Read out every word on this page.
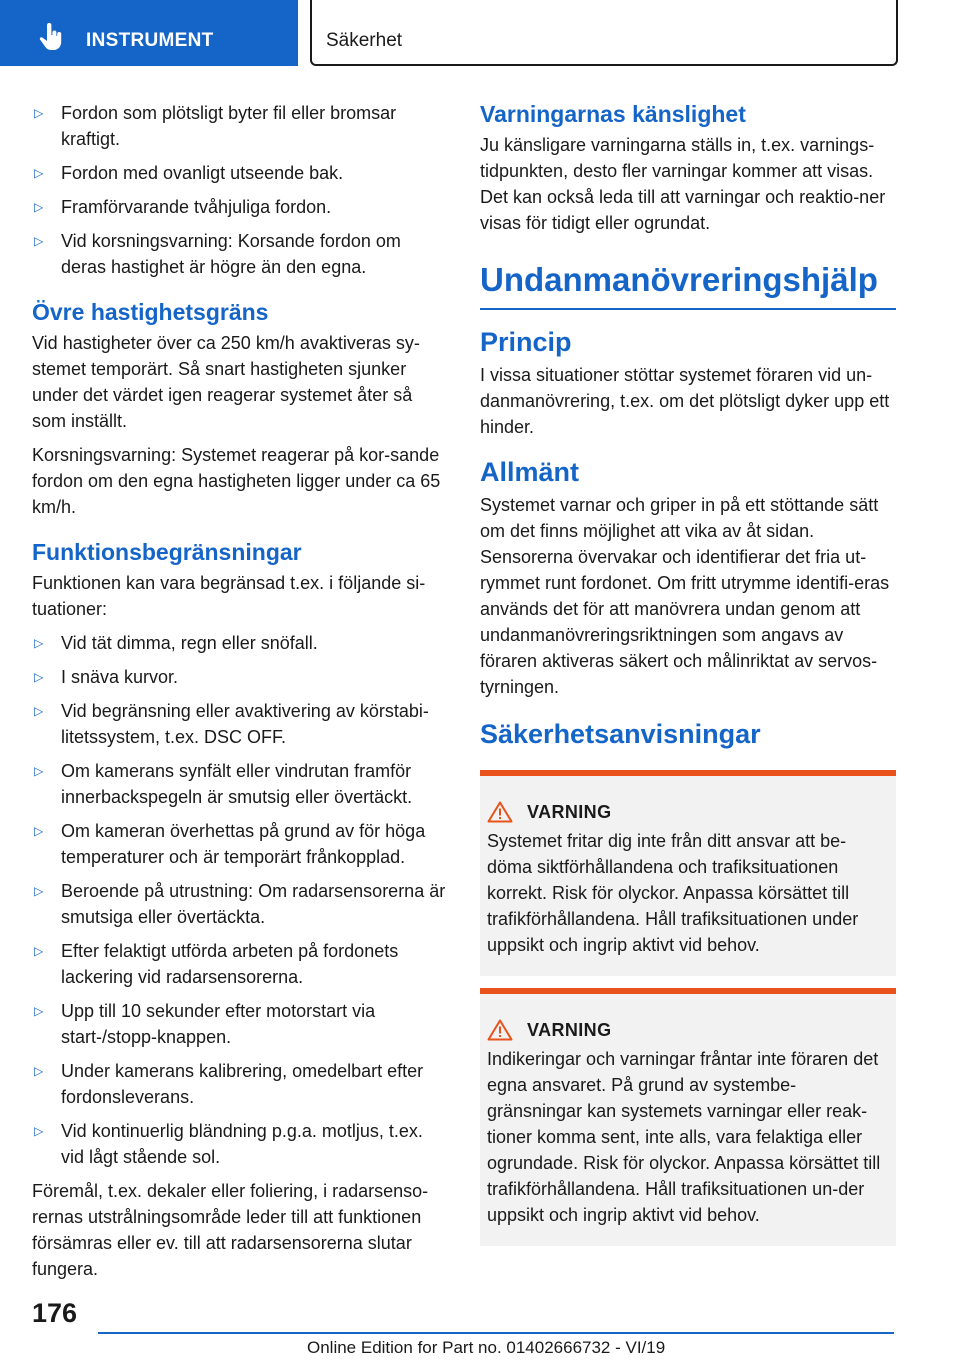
INSTRUMENT	Säkerhet
▷ Fordon som plötsligt byter fil eller bromsar kraftigt.
▷ Fordon med ovanligt utseende bak.
▷ Framförvarande tvåhjuliga fordon.
▷ Vid korsningsvarning: Korsande fordon om deras hastighet är högre än den egna.
Övre hastighetsgräns

Vid hastigheter över ca 250 km/h avaktiveras sy-stemet temporärt. Så snart hastigheten sjunker under det värdet igen reagerar systemet åter så som inställt.

Korsningsvarning: Systemet reagerar på kor-sande fordon om den egna hastigheten ligger under ca 65 km/h.

Funktionsbegränsningar

Funktionen kan vara begränsad t.ex. i följande si-tuationer:

▷ Vid tät dimma, regn eller snöfall.
▷ I snäva kurvor.
▷ Vid begränsning eller avaktivering av körstabi-litetssystem, t.ex. DSC OFF.
▷ Om kamerans synfält eller vindrutan framför innerbackspegeln är smutsig eller övertäckt.
▷ Om kameran överhettas på grund av för höga temperaturer och är temporärt frånkopplad.
▷ Beroende på utrustning: Om radarsensorerna är smutsiga eller övertäckta.
▷ Efter felaktigt utförda arbeten på fordonets lackering vid radarsensorerna.
▷ Upp till 10 sekunder efter motorstart via start-/stopp-knappen.
▷ Under kamerans kalibrering, omedelbart efter fordonsleverans.
▷ Vid kontinuerlig bländning p.g.a. motljus, t.ex. vid lågt stående sol.

Föremål, t.ex. dekaler eller foliering, i radarsenso-rernas utstrålningsområde leder till att funktionen försämras eller ev. till att radarsensorerna slutar fungera.

Varningarnas känslighet

Ju känsligare varningarna ställs in, t.ex. varnings-tidpunkten, desto fler varningar kommer att visas. Det kan också leda till att varningar och reaktio-ner visas för tidigt eller ogrundat.

Undanmanövreringshjälp
Princip

I vissa situationer stöttar systemet föraren vid un-danmanövrering, t.ex. om det plötsligt dyker upp ett hinder.

Allmänt

Systemet varnar och griper in på ett stöttande sätt om det finns möjlighet att vika av åt sidan. Sensorerna övervakar och identifierar det fria ut-rymmet runt fordonet. Om fritt utrymme identifi-eras används det för att manövrera undan genom att undanmanövreringsriktningen som angavs av föraren aktiveras säkert och målinriktat av servos-tyrningen.

Säkerhetsanvisningar
VARNING
Systemet fritar dig inte från ditt ansvar att be-döma siktförhållandena och trafiksituationen korrekt. Risk för olyckor. Anpassa körsättet till trafikförhållandena. Håll trafiksituationen under uppsikt och ingrip aktivt vid behov.
VARNING
Indikeringar och varningar fråntar inte föraren det egna ansvaret. På grund av systembe-gränsningar kan systemets varningar eller reak-tioner komma sent, inte alls, vara felaktiga eller ogrundade. Risk för olyckor. Anpassa körsättet till trafikförhållandena. Håll trafiksituationen un-der uppsikt och ingrip aktivt vid behov.
176
Online Edition for Part no. 01402666732 - VI/19
